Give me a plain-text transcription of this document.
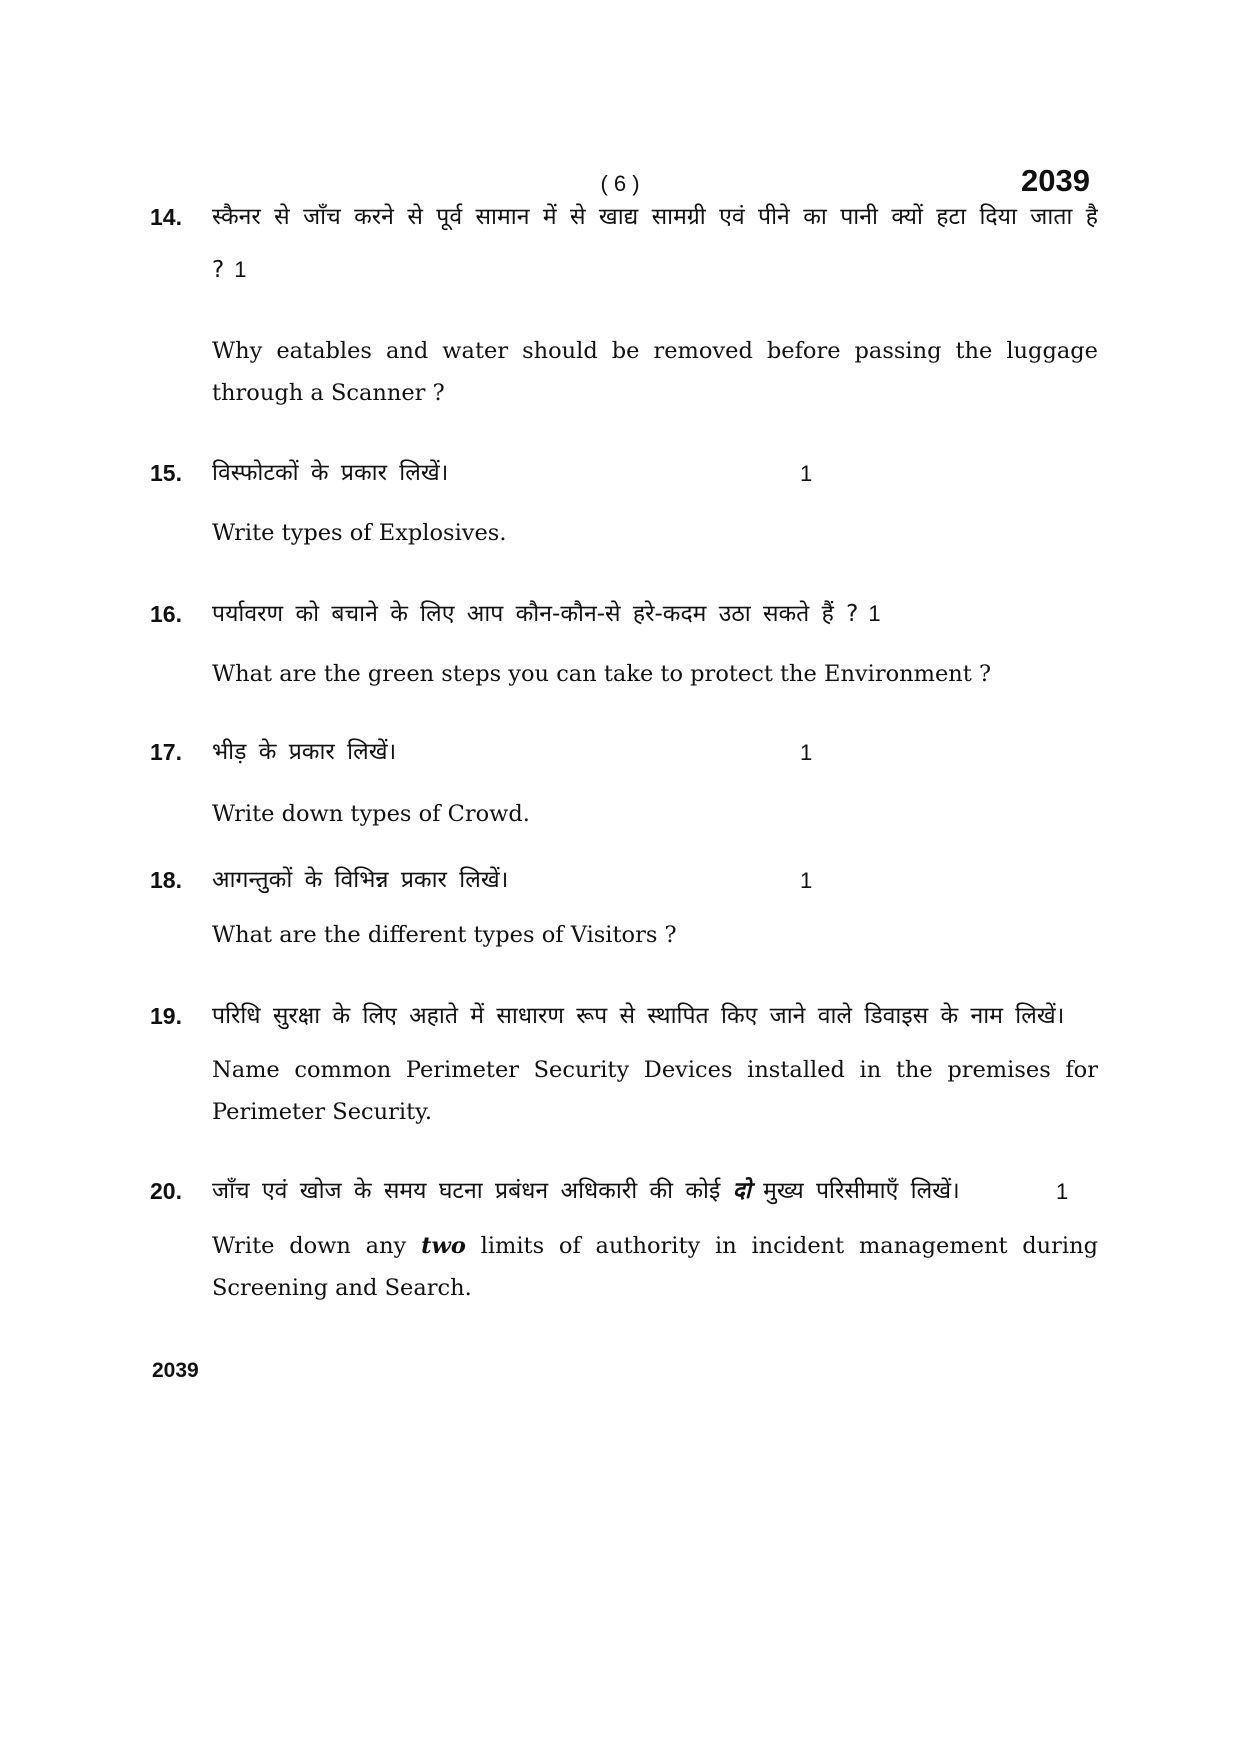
( 6 )	2039
14. स्कैनर से जाँच करने से पूर्व सामान में से खाद्य सामग्री एवं पीने का पानी क्यों हटा दिया जाता है ? 1
Why eatables and water should be removed before passing the luggage through a Scanner ?
15. विस्फोटकों के प्रकार लिखें।	1
Write types of Explosives.
16. पर्यावरण को बचाने के लिए आप कौन-कौन-से हरे-कदम उठा सकते हैं ? 1
What are the green steps you can take to protect the Environment ?
17. भीड़ के प्रकार लिखें।	1
Write down types of Crowd.
18. आगन्तुकों के विभिन्न प्रकार लिखें।	1
What are the different types of Visitors ?
19. परिधि सुरक्षा के लिए अहाते में साधारण रूप से स्थापित किए जाने वाले डिवाइस के नाम लिखें।
Name common Perimeter Security Devices installed in the premises for Perimeter Security.
20. जाँच एवं खोज के समय घटना प्रबंधन अधिकारी की कोई दो मुख्य परिसीमाएँ लिखें।	1
Write down any two limits of authority in incident management during Screening and Search.
2039
